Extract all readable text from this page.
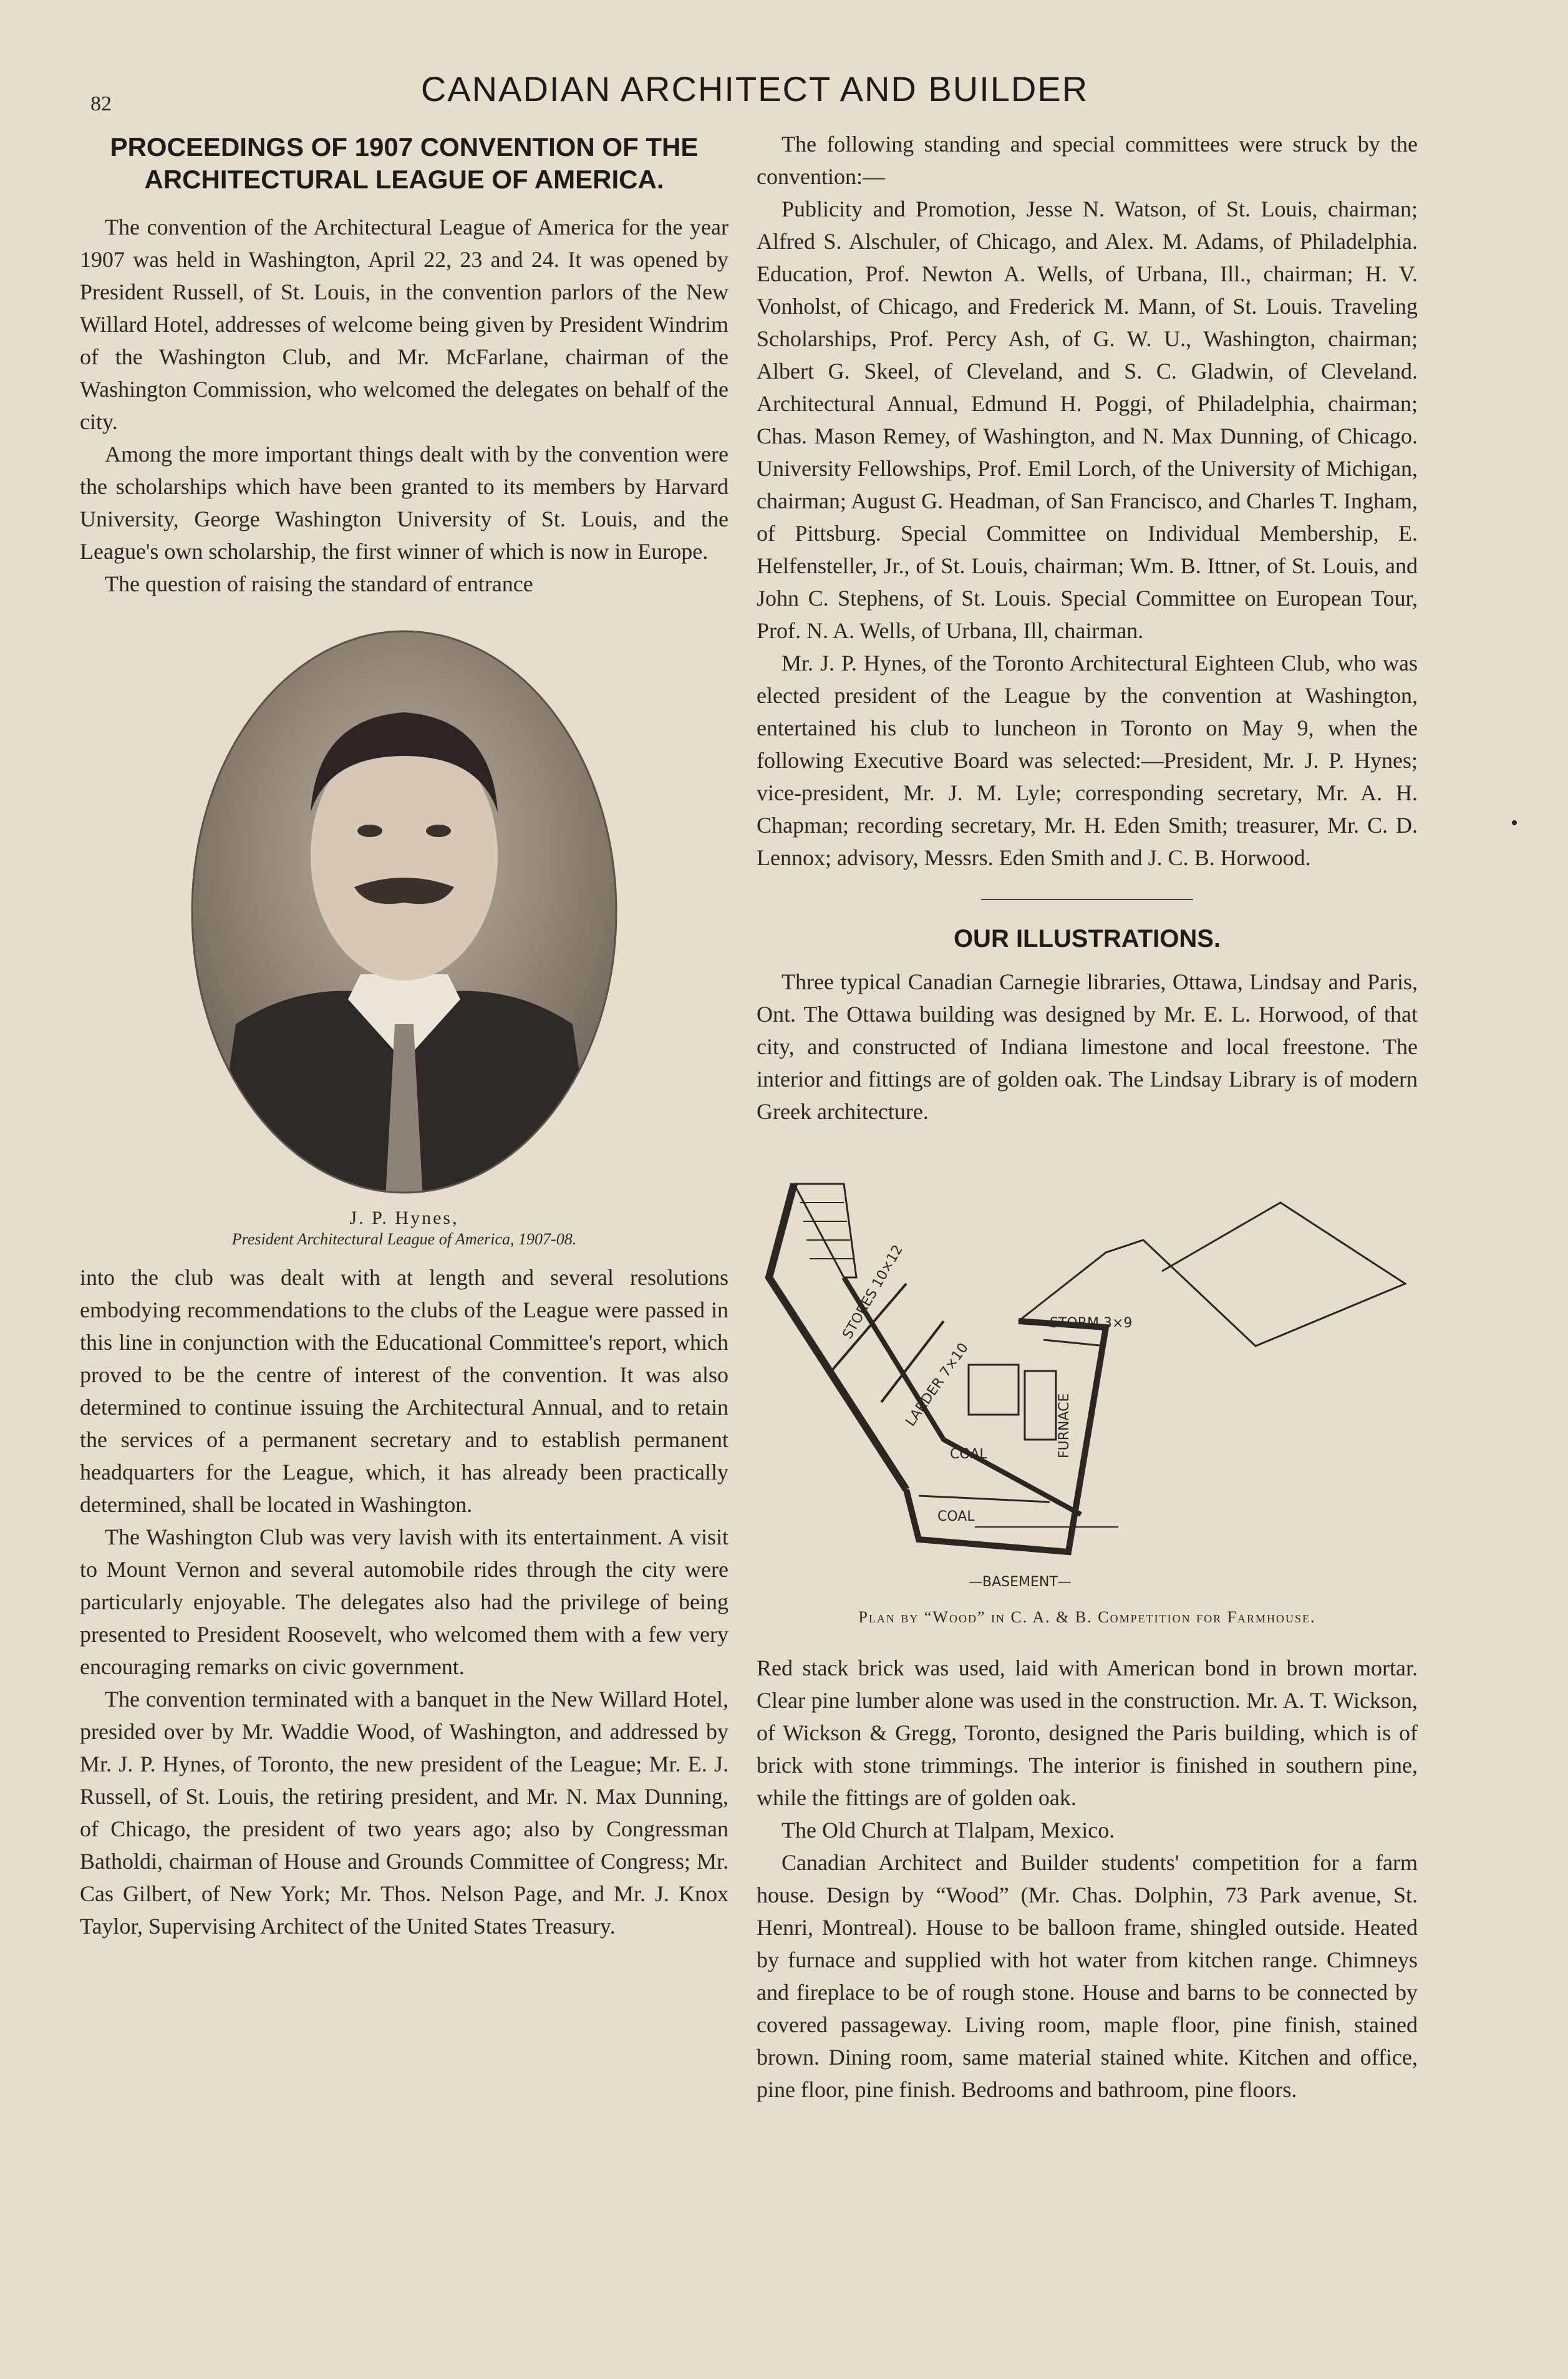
82	CANADIAN ARCHITECT AND BUILDER
PROCEEDINGS OF 1907 CONVENTION OF THE ARCHITECTURAL LEAGUE OF AMERICA.

The convention of the Architectural League of America for the year 1907 was held in Washington, April 22, 23 and 24. It was opened by President Russell, of St. Louis, in the convention parlors of the New Willard Hotel, addresses of welcome being given by President Windrim of the Washington Club, and Mr. McFarlane, chairman of the Washington Commission, who welcomed the delegates on behalf of the city.

Among the more important things dealt with by the convention were the scholarships which have been granted to its members by Harvard University, George Washington University of St. Louis, and the League's own scholarship, the first winner of which is now in Europe.

The question of raising the standard of entrance

J. P. Hynes,
President Architectural League of America, 1907-08.

into the club was dealt with at length and several resolutions embodying recommendations to the clubs of the League were passed in this line in conjunction with the Educational Committee's report, which proved to be the centre of interest of the convention. It was also determined to continue issuing the Architectural Annual, and to retain the services of a permanent secretary and to establish permanent headquarters for the League, which, it has already been practically determined, shall be located in Washington.

The Washington Club was very lavish with its entertainment. A visit to Mount Vernon and several automobile rides through the city were particularly enjoyable. The delegates also had the privilege of being presented to President Roosevelt, who welcomed them with a few very encouraging remarks on civic government.

The convention terminated with a banquet in the New Willard Hotel, presided over by Mr. Waddie Wood, of Washington, and addressed by Mr. J. P. Hynes, of Toronto, the new president of the League; Mr. E. J. Russell, of St. Louis, the retiring president, and Mr. N. Max Dunning, of Chicago, the president of two years ago; also by Congressman Batholdi, chairman of House and Grounds Committee of Congress; Mr. Cas Gilbert, of New York; Mr. Thos. Nelson Page, and Mr. J. Knox Taylor, Supervising Architect of the United States Treasury.

The following standing and special committees were struck by the convention:—

Publicity and Promotion, Jesse N. Watson, of St. Louis, chairman; Alfred S. Alschuler, of Chicago, and Alex. M. Adams, of Philadelphia. Education, Prof. Newton A. Wells, of Urbana, Ill., chairman; H. V. Vonholst, of Chicago, and Frederick M. Mann, of St. Louis. Traveling Scholarships, Prof. Percy Ash, of G. W. U., Washington, chairman; Albert G. Skeel, of Cleveland, and S. C. Gladwin, of Cleveland. Architectural Annual, Edmund H. Poggi, of Philadelphia, chairman; Chas. Mason Remey, of Washington, and N. Max Dunning, of Chicago. University Fellowships, Prof. Emil Lorch, of the University of Michigan, chairman; August G. Headman, of San Francisco, and Charles T. Ingham, of Pittsburg. Special Committee on Individual Membership, E. Helfensteller, Jr., of St. Louis, chairman; Wm. B. Ittner, of St. Louis, and John C. Stephens, of St. Louis. Special Committee on European Tour, Prof. N. A. Wells, of Urbana, Ill, chairman.

Mr. J. P. Hynes, of the Toronto Architectural Eighteen Club, who was elected president of the League by the convention at Washington, entertained his club to luncheon in Toronto on May 9, when the following Executive Board was selected:—President, Mr. J. P. Hynes; vice-president, Mr. J. M. Lyle; corresponding secretary, Mr. A. H. Chapman; recording secretary, Mr. H. Eden Smith; treasurer, Mr. C. D. Lennox; advisory, Messrs. Eden Smith and J. C. B. Horwood.

OUR ILLUSTRATIONS.

Three typical Canadian Carnegie libraries, Ottawa, Lindsay and Paris, Ont. The Ottawa building was designed by Mr. E. L. Horwood, of that city, and constructed of Indiana limestone and local freestone. The interior and fittings are of golden oak. The Lindsay Library is of modern Greek architecture.

STORES 10×12
LARDER 7×10
STORM 3×9
COAL
COAL
FURNACE
—BASEMENT—
Plan by “Wood” in C. A. & B. Competition for Farmhouse.

Red stack brick was used, laid with American bond in brown mortar. Clear pine lumber alone was used in the construction. Mr. A. T. Wickson, of Wickson & Gregg, Toronto, designed the Paris building, which is of brick with stone trimmings. The interior is finished in southern pine, while the fittings are of golden oak.

The Old Church at Tlalpam, Mexico.

Canadian Architect and Builder students' competition for a farm house. Design by “Wood” (Mr. Chas. Dolphin, 73 Park avenue, St. Henri, Montreal). House to be balloon frame, shingled outside. Heated by furnace and supplied with hot water from kitchen range. Chimneys and fireplace to be of rough stone. House and barns to be connected by covered passageway. Living room, maple floor, pine finish, stained brown. Dining room, same material stained white. Kitchen and office, pine floor, pine finish. Bedrooms and bathroom, pine floors.
